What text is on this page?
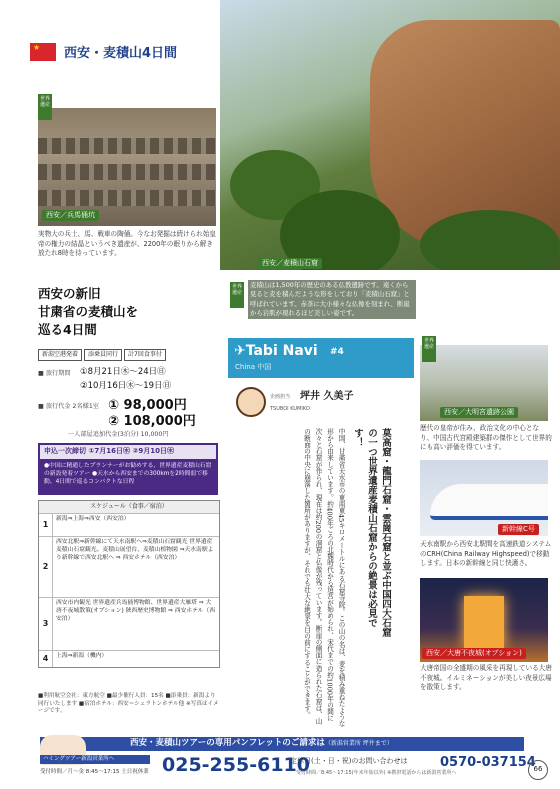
★ 西安・麦積山4日間
西安／兵馬俑坑
世界
遺産
実物大の兵士、馬、戦車の陶俑。今なお発掘は続けられ始皇帝の権力の結晶というべき遺産が、2200年の眠りから解き放たれ8時を待っています。
西安／麦積山石窟
世界
遺産
麦積山は1,500年の歴史のある仏教遺跡です。遠くから見ると麦を積んだような形をしており「麦積山石窟」と呼ばれています。赤茶に大小様々な仏像を刻まれ、断崖から岩肌が現れるほど美しい姿です。
西安／大明宮遺跡公園
世界
遺産
歴代の皇帝が住み、政治文化の中心となり、中国古代宮殿建築群の傑作として世界的にも高い評価を得ています。
新幹線C号
天水南駅から西安北駅間を高速鉄道システムのCRH(China Railway Highspeed)で移動します。日本の新幹線と同じ快適さ。
西安／大唐不夜城(オプション)
大唐帝国の全盛期の風采を再現している大唐不夜城。イルミネーションが美しい夜景広場を散策します。
西安の新旧
甘粛省の麦積山を
巡る4日間
新潟空港発着 添乗員同行 計7回食事付
■ 旅行期間 ①8月21日㊍〜24日㊐
②10月16日㊍〜19日㊐
■ 旅行代金 2名様1室 ① 98,000円
② 108,000円
一人部屋追加代金(3泊分) 10,000円
申込一次締切 ①7月16日㊌ ②9月10日㊌
●中国に精通したプランナーがお勧めする、世界遺産麦積山石窟の新設発着ツアー ●天水から西安までの300kmを2時間弱で移動、4日間で巡るコンパクトな日程
スケジュール（食事／宿泊）
1
新潟⇒上海⇒西安（西安泊）
2
西安北駅⇒新幹線にて天水南駅へ⇒麦積山石窟観光 世界遺産麦積山石窟観光。麦積山展望台、麦積山植物園 ⇒天水南駅より新幹線で西安北駅へ ⇒ 西安ホテル（西安泊）
3
西安市内観光 世界遺産兵馬俑博物館、世界遺産大雁塔 ⇒ 大唐不夜城散策(オプション) 陝西歴史博物館 ⇒ 西安ホテル（西安泊）
4	上海⇒新潟（機内）
■利用航空会社：東方航空 ■最少催行人員：15名 ■添乗員：新潟より同行いたします ■宿泊ホテル：西安＝シェラトンホテル他 ※写真はイメージです。
✈Tabi Navi #4
China 中国
企画担当 坪井 久美子
TSUBOI KUMIKO
莫高窟・龍門石窟・雲崗石窟と並ぶ中国四大石窟の一つ世界遺産麦積山石窟からの絶景は必見です！
中国、甘粛省天水市の東南東45キロメートルにある石窟寺院。この山の名は、麦を積み重ねたような形から由来しています。約400年ごろの北魏時代から造営が始められ、宋代までの約1000年の間に次々と石窟が作られ、現在は約200の洞窟と仏像が残っています。断崖の側面に造られた石窟は、山の断面の中央に崩落した箇所がありますが、それでも壮大な絶景を目の前にすることができます。
西安・麦積山ツアーの専用パンフレットのご請求は（新潟営業所 坪井まで）
ハミングツアー新潟営業所へ	025-255-6110
受付時間／月〜金 8:45〜17:15 土日祝休業
定休日(土・日・祝)のお問い合わせは	0570-037154
受付時間／8:45〜17:15(年末年始以外) ※携帯電話からは新潟営業所へ	66
